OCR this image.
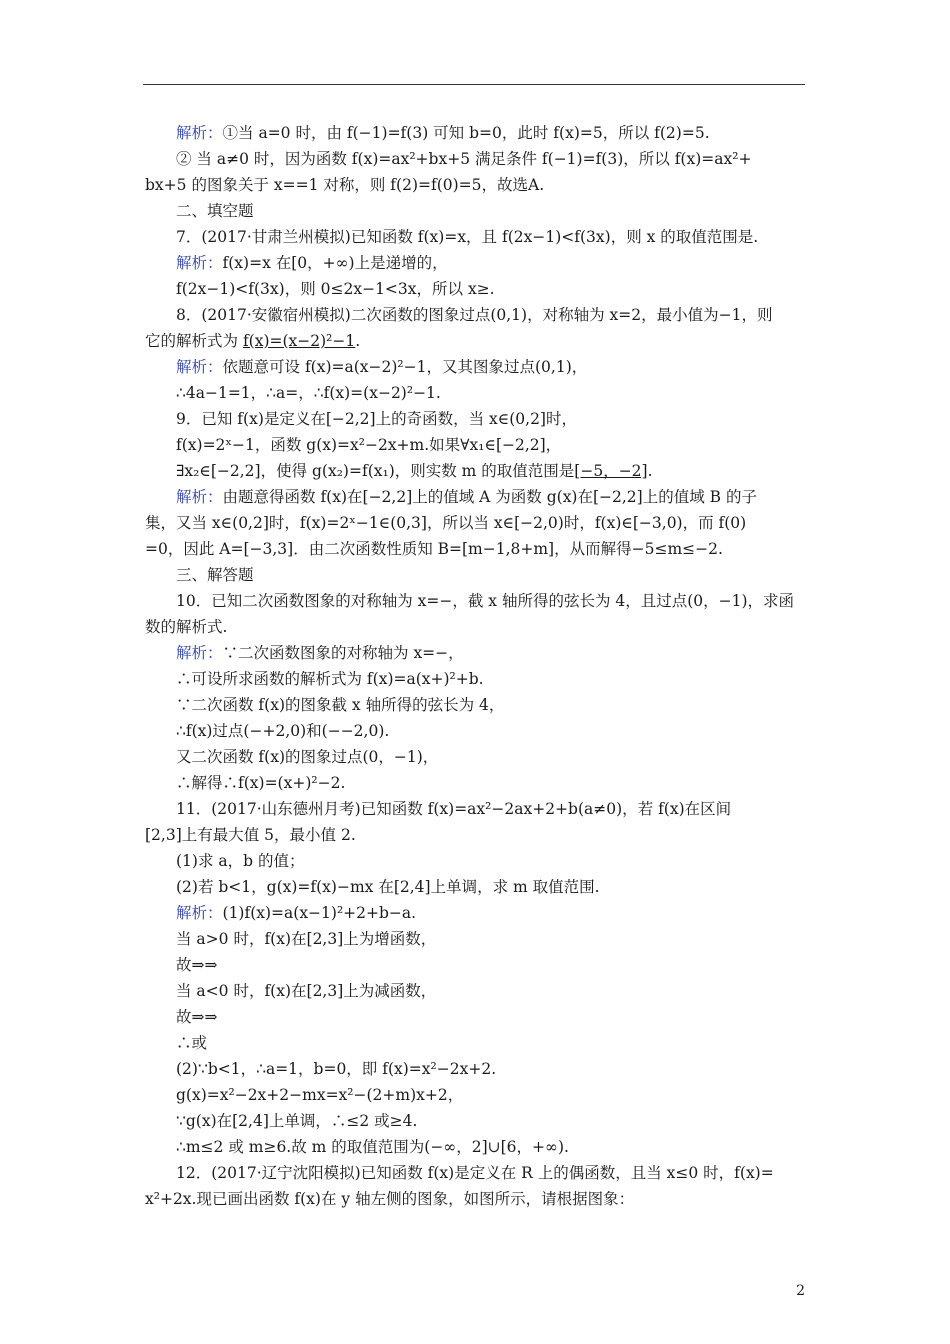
解析：①当 a=0 时，由 f(−1)=f(3) 可知 b=0，此时 f(x)=5，所以 f(2)=5.
② 当 a≠0 时，因为函数 f(x)=ax²+bx+5 满足条件 f(−1)=f(3)，所以 f(x)=ax²+
bx+5 的图象关于 x==1 对称，则 f(2)=f(0)=5，故选A.
二、填空题
7．(2017·甘肃兰州模拟)已知函数 f(x)=x，且 f(2x−1)<f(3x)，则 x 的取值范围是.
解析：f(x)=x 在[0，+∞)上是递增的，
f(2x−1)<f(3x)，则 0≤2x−1<3x，所以 x≥.
8．(2017·安徽宿州模拟)二次函数的图象过点(0,1)，对称轴为 x=2，最小值为−1，则
它的解析式为 f(x)=(x−2)²−1.
解析：依题意可设 f(x)=a(x−2)²−1，又其图象过点(0,1)，
∴4a−1=1，∴a=，∴f(x)=(x−2)²−1.
9．已知 f(x)是定义在[−2,2]上的奇函数，当 x∈(0,2]时，
f(x)=2ˣ−1，函数 g(x)=x²−2x+m.如果∀x₁∈[−2,2]，
∃x₂∈[−2,2]，使得 g(x₂)=f(x₁)，则实数 m 的取值范围是[−5，−2].
解析：由题意得函数 f(x)在[−2,2]上的值域 A 为函数 g(x)在[−2,2]上的值域 B 的子
集，又当 x∈(0,2]时，f(x)=2ˣ−1∈(0,3]，所以当 x∈[−2,0)时，f(x)∈[−3,0)，而 f(0)
=0，因此 A=[−3,3]．由二次函数性质知 B=[m−1,8+m]，从而解得−5≤m≤−2.
三、解答题
10．已知二次函数图象的对称轴为 x=−，截 x 轴所得的弦长为 4，且过点(0，−1)，求函
数的解析式.
解析：∵二次函数图象的对称轴为 x=−，
∴可设所求函数的解析式为 f(x)=a(x+)²+b.
∵二次函数 f(x)的图象截 x 轴所得的弦长为 4，
∴f(x)过点(−+2,0)和(−−2,0).
又二次函数 f(x)的图象过点(0，−1)，
∴解得∴f(x)=(x+)²−2.
11．(2017·山东德州月考)已知函数 f(x)=ax²−2ax+2+b(a≠0)，若 f(x)在区间
[2,3]上有最大值 5，最小值 2.
(1)求 a，b 的值；
(2)若 b<1，g(x)=f(x)−mx 在[2,4]上单调，求 m 取值范围.
解析：(1)f(x)=a(x−1)²+2+b−a.
当 a>0 时，f(x)在[2,3]上为增函数，
故⇒⇒
当 a<0 时，f(x)在[2,3]上为减函数，
故⇒⇒
∴或
(2)∵b<1，∴a=1，b=0，即 f(x)=x²−2x+2.
g(x)=x²−2x+2−mx=x²−(2+m)x+2，
∵g(x)在[2,4]上单调，∴≤2 或≥4.
∴m≤2 或 m≥6.故 m 的取值范围为(−∞，2]∪[6，+∞).
12．(2017·辽宁沈阳模拟)已知函数 f(x)是定义在 R 上的偶函数，且当 x≤0 时，f(x)=
x²+2x.现已画出函数 f(x)在 y 轴左侧的图象，如图所示，请根据图象：
2
